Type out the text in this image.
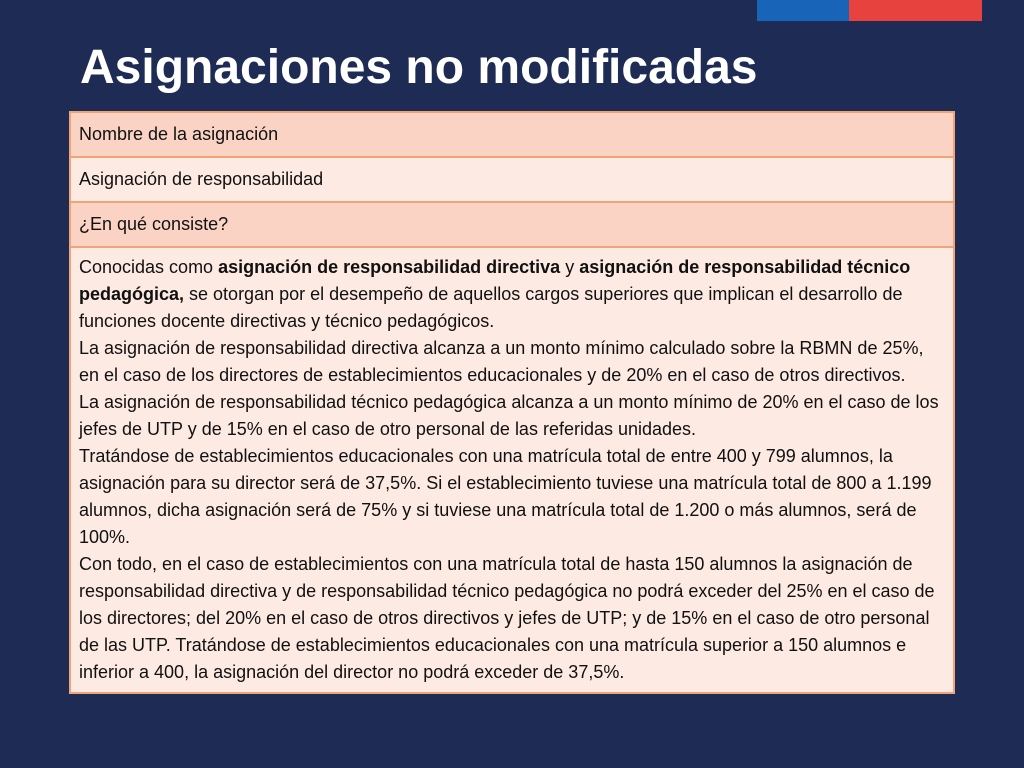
Asignaciones no modificadas
Nombre de la asignación
Asignación de responsabilidad
¿En qué consiste?

Conocidas como asignación de responsabilidad directiva y asignación de responsabilidad técnico pedagógica, se otorgan por el desempeño de aquellos cargos superiores que implican el desarrollo de funciones docente directivas y técnico pedagógicos.

La asignación de responsabilidad directiva alcanza a un monto mínimo calculado sobre la RBMN de 25%, en el caso de los directores de establecimientos educacionales y de 20% en el caso de otros directivos.

La asignación de responsabilidad técnico pedagógica alcanza a un monto mínimo de 20% en el caso de los jefes de UTP y de 15% en el caso de otro personal de las referidas unidades.

Tratándose de establecimientos educacionales con una matrícula total de entre 400 y 799 alumnos, la asignación para su director será de 37,5%. Si el establecimiento tuviese una matrícula total de 800 a 1.199 alumnos, dicha asignación será de 75% y si tuviese una matrícula total de 1.200 o más alumnos, será de 100%.

Con todo, en el caso de establecimientos con una matrícula total de hasta 150 alumnos la asignación de responsabilidad directiva y de responsabilidad técnico pedagógica no podrá exceder del 25% en el caso de los directores; del 20% en el caso de otros directivos y jefes de UTP; y de 15% en el caso de otro personal de las UTP. Tratándose de establecimientos educacionales con una matrícula superior a 150 alumnos e inferior a 400, la asignación del director no podrá exceder de 37,5%.
